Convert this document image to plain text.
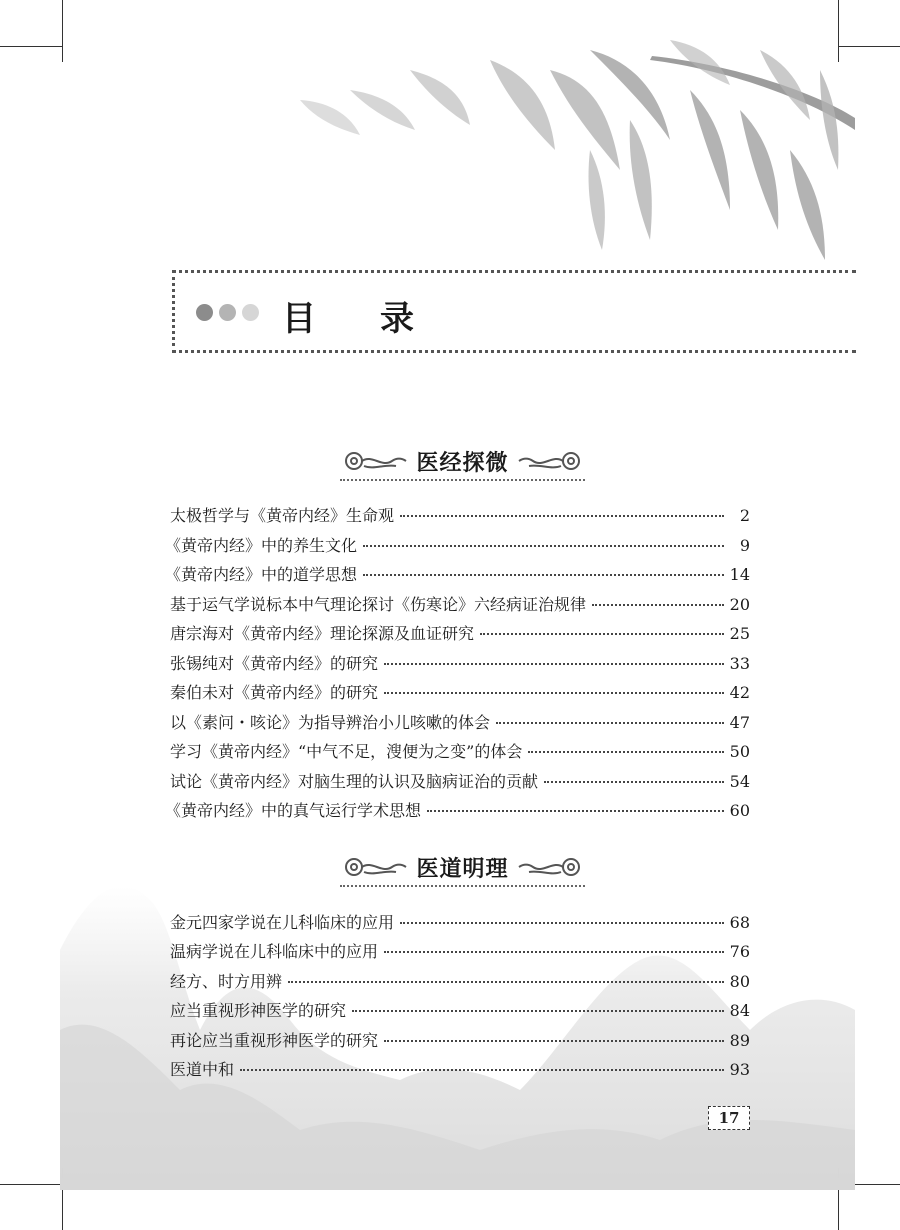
目录
医经探微
太极哲学与《黄帝内经》生命观	2
《黄帝内经》中的养生文化	9
《黄帝内经》中的道学思想	14
基于运气学说标本中气理论探讨《伤寒论》六经病证治规律	20
唐宗海对《黄帝内经》理论探源及血证研究	25
张锡纯对《黄帝内经》的研究	33
秦伯未对《黄帝内经》的研究	42
以《素问・咳论》为指导辨治小儿咳嗽的体会	47
学习《黄帝内经》“中气不足，溲便为之变”的体会	50
试论《黄帝内经》对脑生理的认识及脑病证治的贡献	54
《黄帝内经》中的真气运行学术思想	60
医道明理
金元四家学说在儿科临床的应用	68
温病学说在儿科临床中的应用	76
经方、时方用辨	80
应当重视形神医学的研究	84
再论应当重视形神医学的研究	89
医道中和	93
17
